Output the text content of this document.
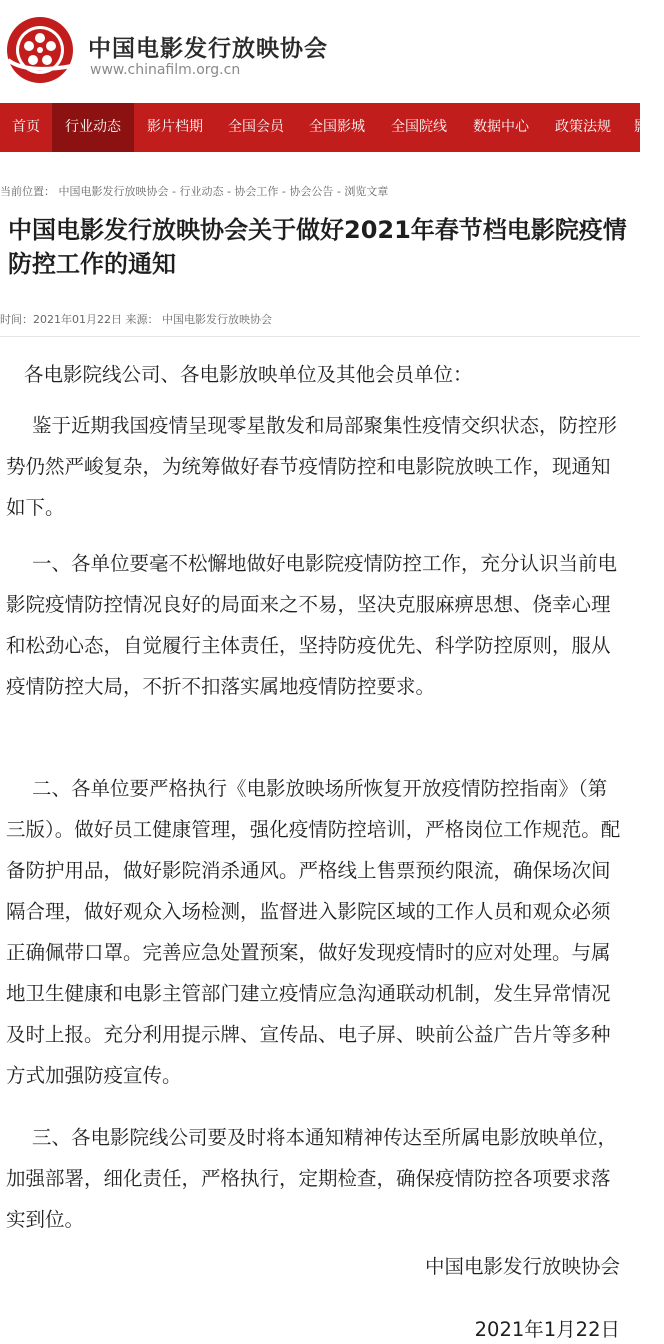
中国电影发行放映协会
www.chinafilm.org.cn
首页	行业动态	影片档期	全国会员	全国影城	全国院线	数据中心	政策法规	影
当前位置： 中国电影发行放映协会 - 行业动态 - 协会工作 - 协会公告 - 浏览文章
中国电影发行放映协会关于做好2021年春节档电影院疫情防控工作的通知
时间：2021年01月22日 来源： 中国电影发行放映协会
各电影院线公司、各电影放映单位及其他会员单位：
鉴于近期我国疫情呈现零星散发和局部聚集性疫情交织状态，防控形势仍然严峻复杂，为统筹做好春节疫情防控和电影院放映工作，现通知如下。
一、各单位要毫不松懈地做好电影院疫情防控工作，充分认识当前电影院疫情防控情况良好的局面来之不易，坚决克服麻痹思想、侥幸心理和松劲心态，自觉履行主体责任，坚持防疫优先、科学防控原则，服从疫情防控大局，不折不扣落实属地疫情防控要求。
二、各单位要严格执行《电影放映场所恢复开放疫情防控指南》（第三版）。做好员工健康管理，强化疫情防控培训，严格岗位工作规范。配备防护用品，做好影院消杀通风。严格线上售票预约限流，确保场次间隔合理，做好观众入场检测，监督进入影院区域的工作人员和观众必须正确佩带口罩。完善应急处置预案，做好发现疫情时的应对处理。与属地卫生健康和电影主管部门建立疫情应急沟通联动机制，发生异常情况及时上报。充分利用提示牌、宣传品、电子屏、映前公益广告片等多种方式加强防疫宣传。
三、各电影院线公司要及时将本通知精神传达至所属电影放映单位，加强部署，细化责任，严格执行，定期检查，确保疫情防控各项要求落实到位。
中国电影发行放映协会
2021年1月22日
